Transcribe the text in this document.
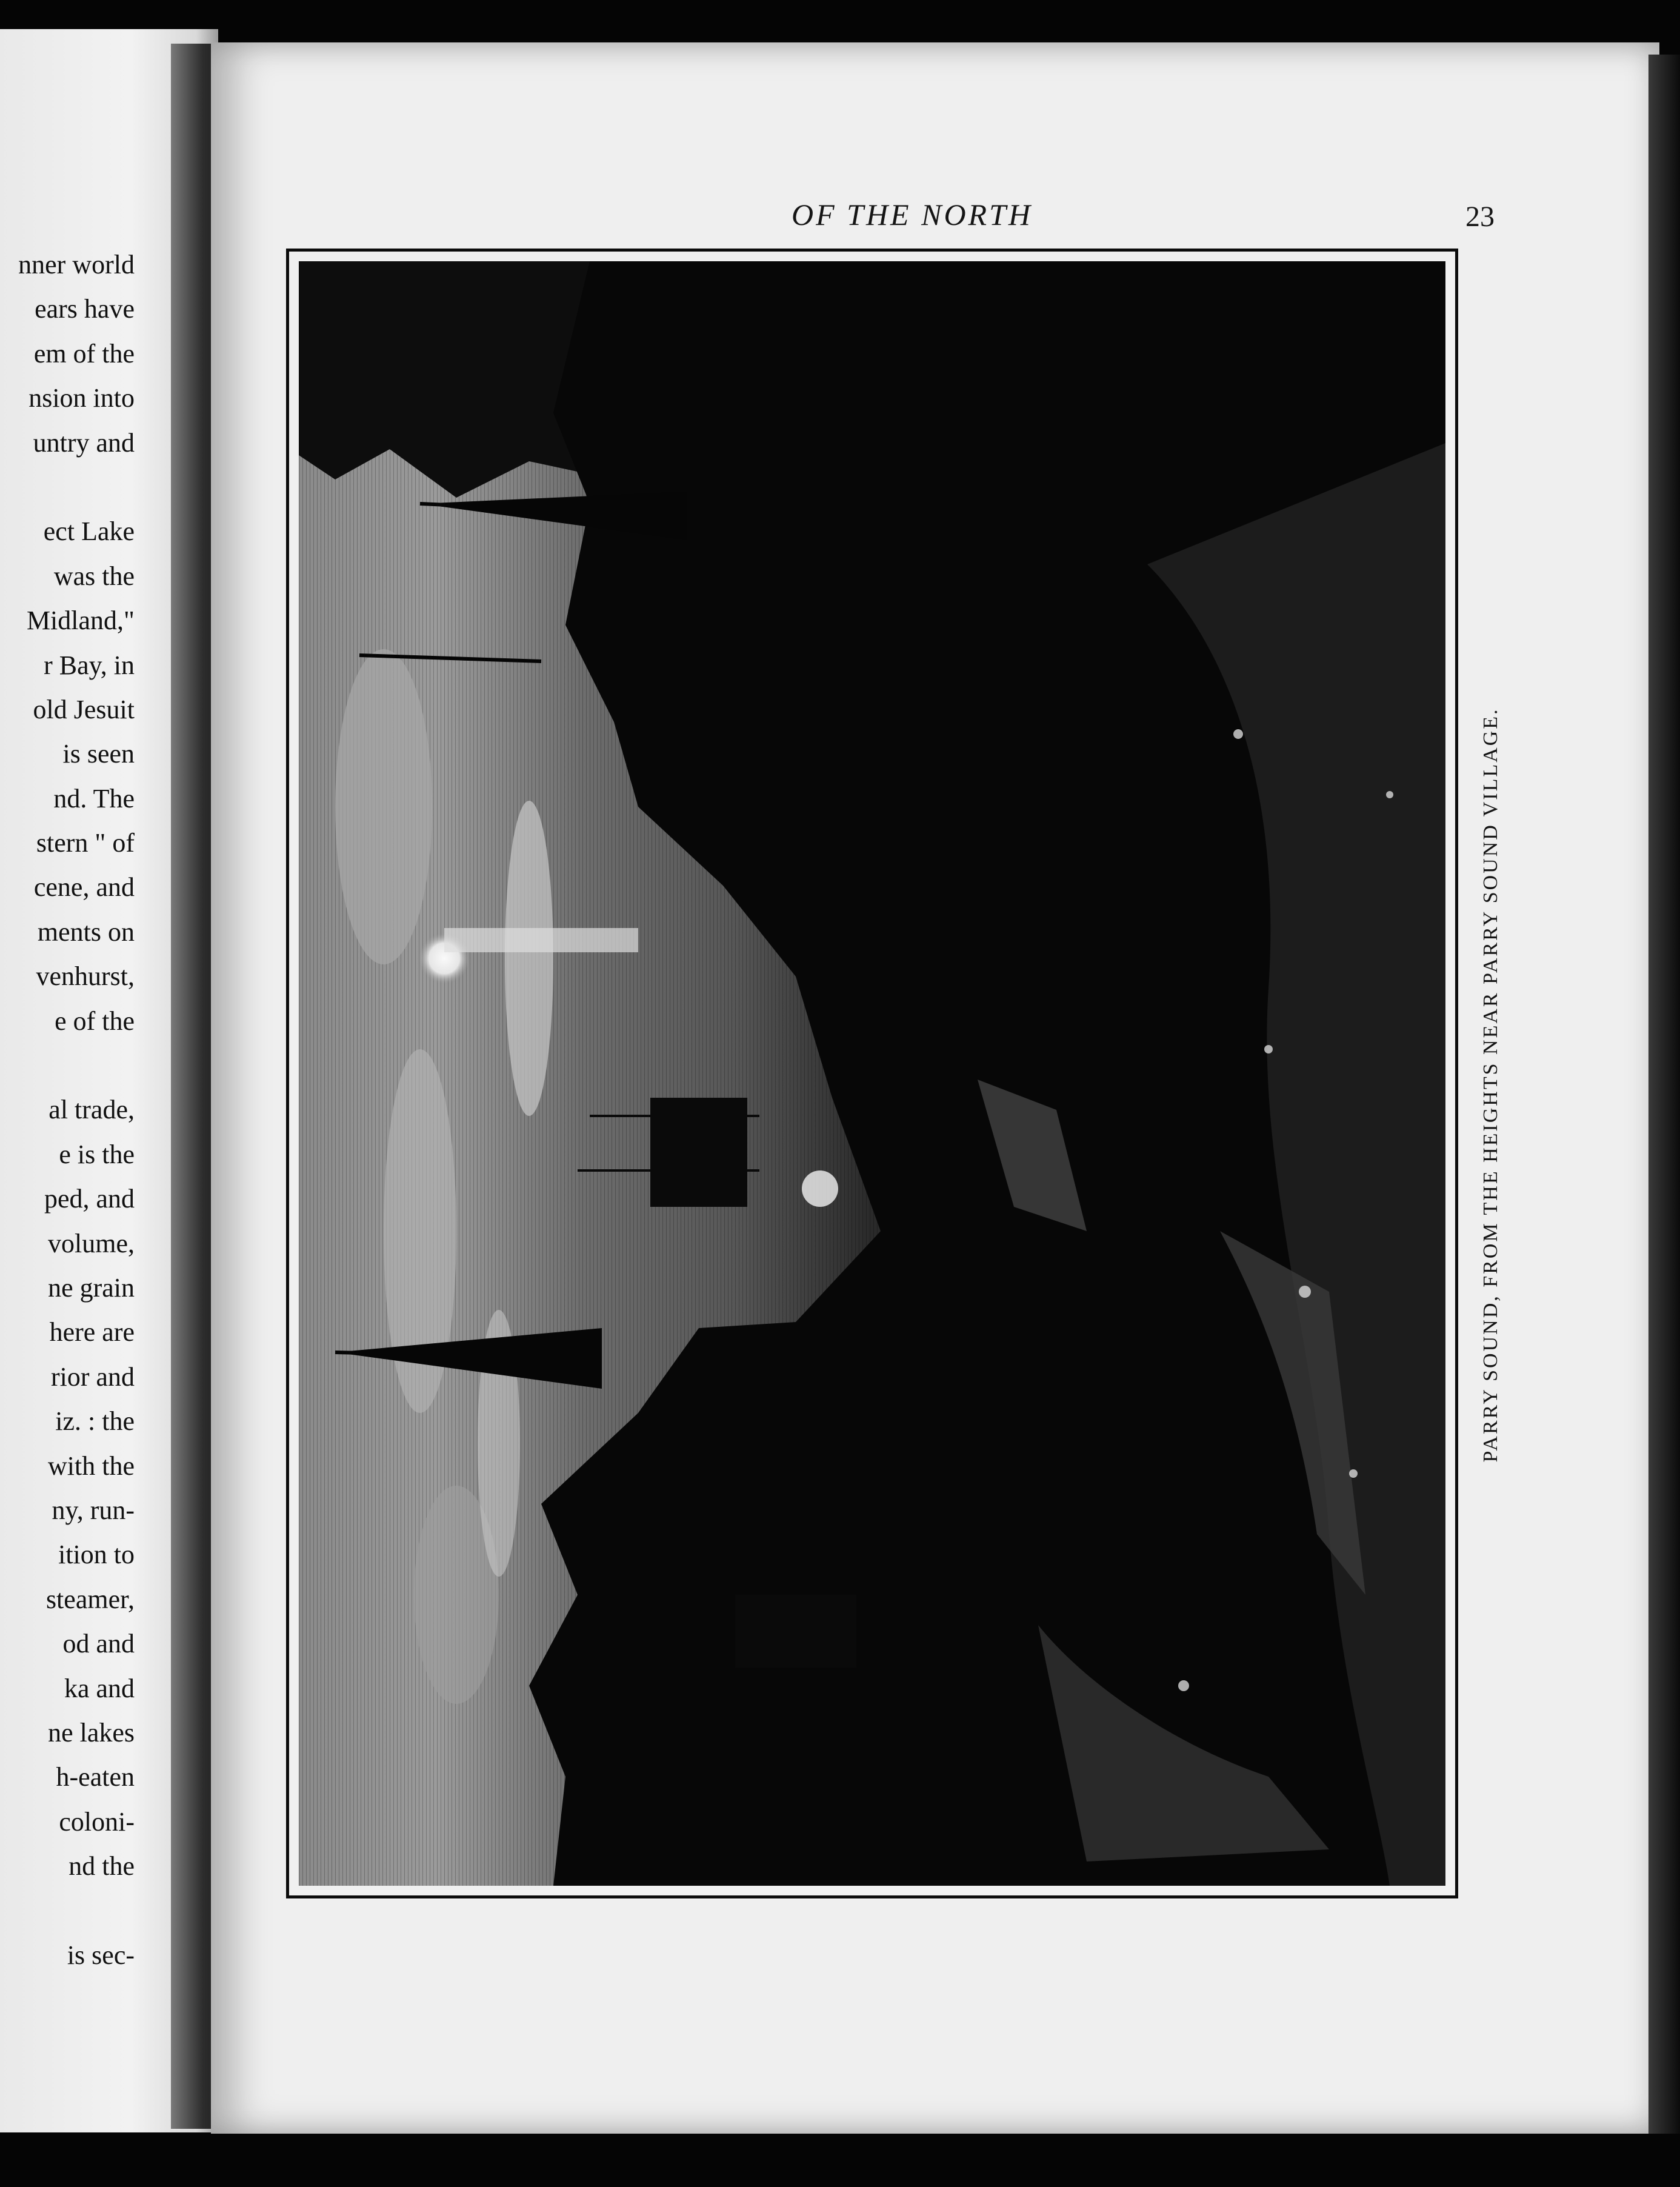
nner world
ears have
em of the
nsion into
untry and
ect Lake
was the
Midland,"
r Bay, in
old Jesuit
is seen
nd. The
stern " of
cene, and
ments on
venhurst,
e of the
al trade,
e is the
ped, and
volume,
ne grain
here are
rior and
iz. : the
with the
ny, run-
ition to
steamer,
od and
ka and
ne lakes
h-eaten
coloni-
nd the
is sec-
OF THE NORTH	23
PARRY SOUND, FROM THE HEIGHTS NEAR PARRY SOUND VILLAGE.
